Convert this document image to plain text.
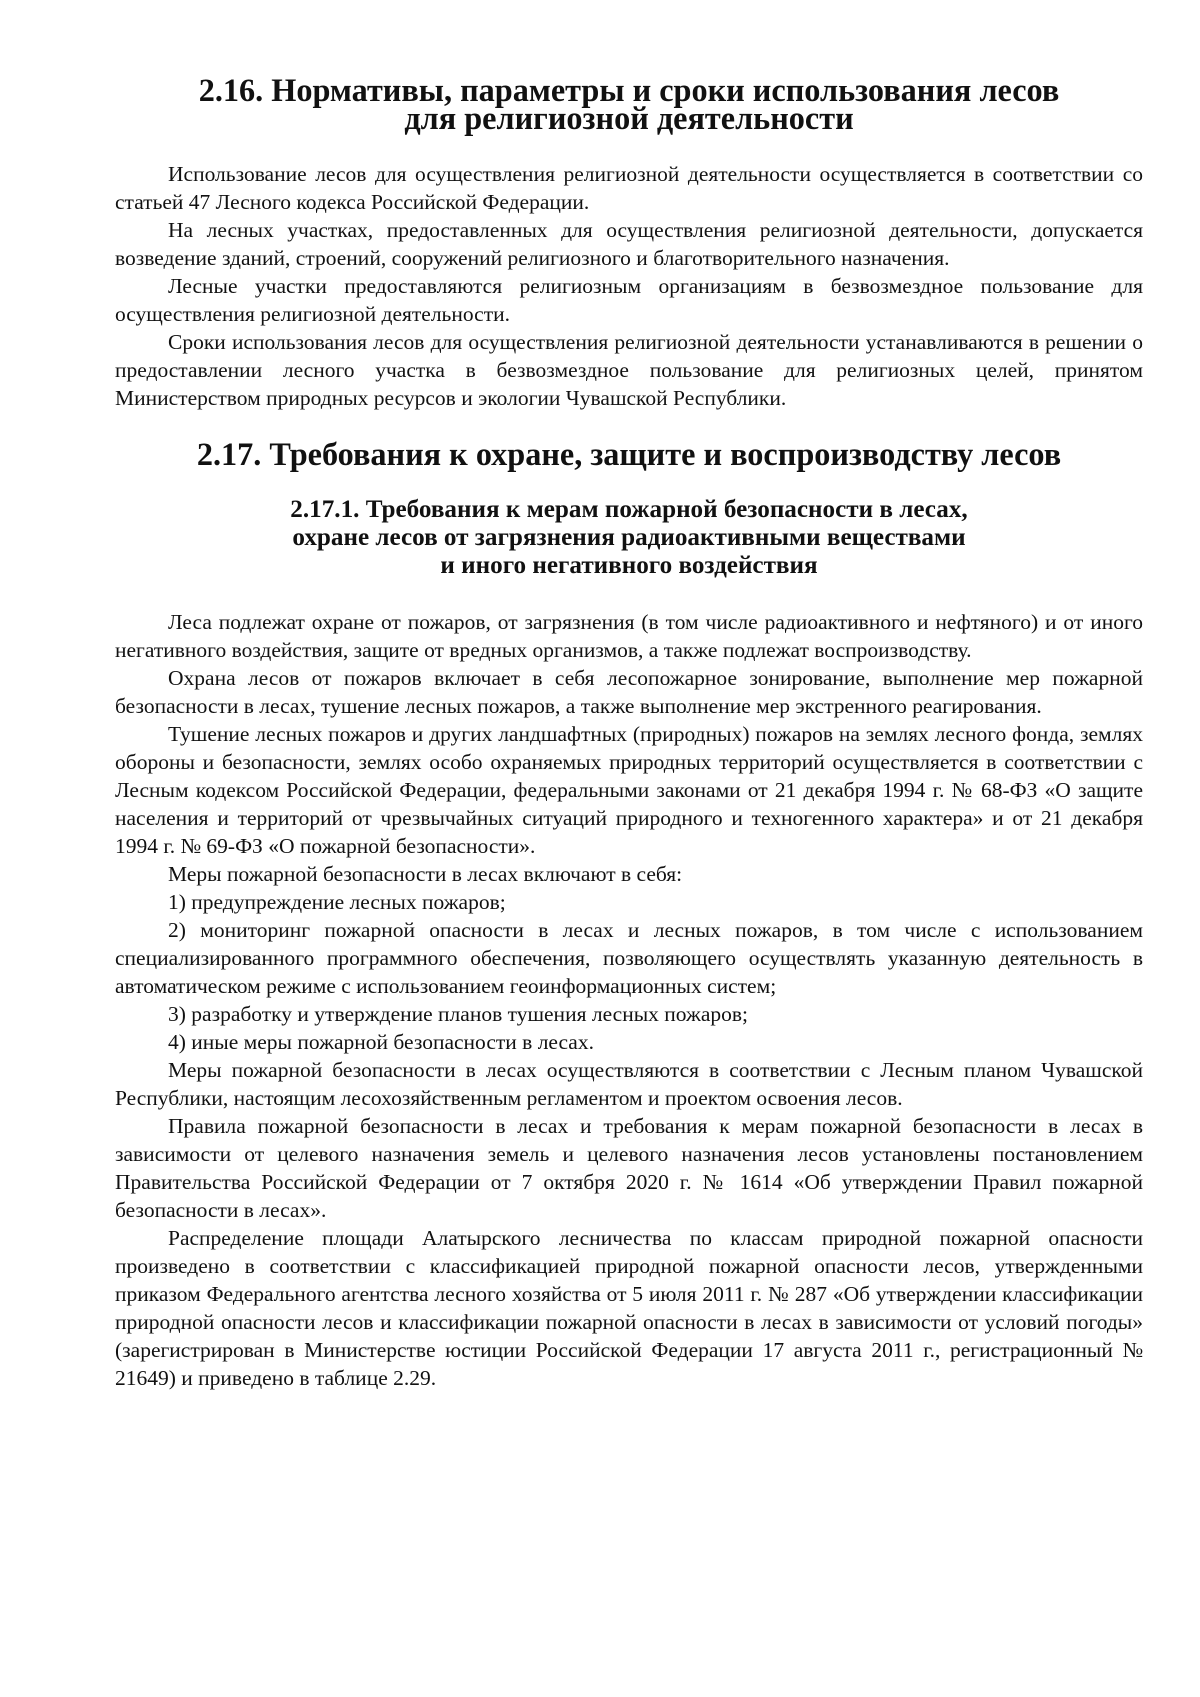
2.16. Нормативы, параметры и сроки использования лесов
для религиозной деятельности

Использование лесов для осуществления религиозной деятельности осуществляется в соответствии со статьей 47 Лесного кодекса Российской Федерации.

На лесных участках, предоставленных для осуществления религиозной деятельности, допускается возведение зданий, строений, сооружений религиозного и благотворительного назначения.

Лесные участки предоставляются религиозным организациям в безвозмездное пользование для осуществления религиозной деятельности.

Сроки использования лесов для осуществления религиозной деятельности устанавливаются в решении о предоставлении лесного участка в безвозмездное пользование для религиозных целей, принятом Министерством природных ресурсов и экологии Чувашской Республики.

2.17. Требования к охране, защите и воспроизводству лесов
2.17.1. Требования к мерам пожарной безопасности в лесах,
охране лесов от загрязнения радиоактивными веществами
и иного негативного воздействия

Леса подлежат охране от пожаров, от загрязнения (в том числе радиоактивного и нефтяного) и от иного негативного воздействия, защите от вредных организмов, а также подлежат воспроизводству.

Охрана лесов от пожаров включает в себя лесопожарное зонирование, выполнение мер пожарной безопасности в лесах, тушение лесных пожаров, а также выполнение мер экстренного реагирования.

Тушение лесных пожаров и других ландшафтных (природных) пожаров на землях лесного фонда, землях обороны и безопасности, землях особо охраняемых природных территорий осуществляется в соответствии с Лесным кодексом Российской Федерации, федеральными законами от 21 декабря 1994 г. № 68-ФЗ «О защите населения и территорий от чрезвычайных ситуаций природного и техногенного характера» и от 21 декабря 1994 г. № 69-ФЗ «О пожарной безопасности».

Меры пожарной безопасности в лесах включают в себя:

1) предупреждение лесных пожаров;

2) мониторинг пожарной опасности в лесах и лесных пожаров, в том числе с использованием специализированного программного обеспечения, позволяющего осуществлять указанную деятельность в автоматическом режиме с использованием геоинформационных систем;

3) разработку и утверждение планов тушения лесных пожаров;

4) иные меры пожарной безопасности в лесах.

Меры пожарной безопасности в лесах осуществляются в соответствии с Лесным планом Чувашской Республики, настоящим лесохозяйственным регламентом и проектом освоения лесов.

Правила пожарной безопасности в лесах и требования к мерам пожарной безопасности в лесах в зависимости от целевого назначения земель и целевого назначения лесов установлены постановлением Правительства Российской Федерации от 7 октября 2020 г. № 1614 «Об утверждении Правил пожарной безопасности в лесах».

Распределение площади Алатырского лесничества по классам природной пожарной опасности произведено в соответствии с классификацией природной пожарной опасности лесов, утвержденными приказом Федерального агентства лесного хозяйства от 5 июля 2011 г. № 287 «Об утверждении классификации природной опасности лесов и классификации пожарной опасности в лесах в зависимости от условий погоды» (зарегистрирован в Министерстве юстиции Российской Федерации 17 августа 2011 г., регистрационный № 21649) и приведено в таблице 2.29.
